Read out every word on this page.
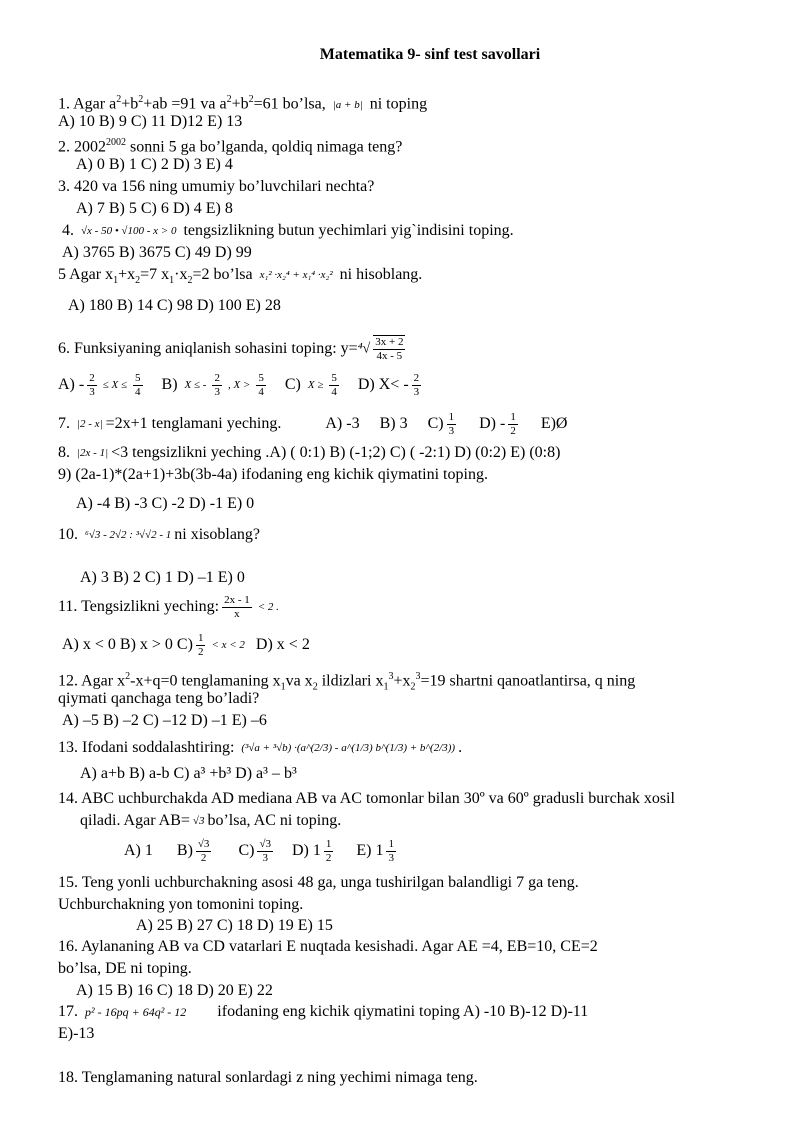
Matematika 9- sinf test savollari
1. Agar $a^2+b^2+ab =91$ va $a^2+b^2=61$ bo’lsa, |a + b| ni toping
A) 10 B) 9 C) 11 D)12 E) 13
2. $2002^{2002}$ sonni 5 ga bo’lganda, qoldiq nimaga teng?
A) 0 B) 1 C) 2 D) 3 E) 4
3. 420 va 156 ning umumiy bo’luvchilari nechta?
A) 7 B) 5 C) 6 D) 4 E) 8
4. √x - 50 • √100 - x > 0 tengsizlikning butun yechimlari yig`indisini toping.
A) 3765 B) 3675 C) 49 D) 99
5 Agar $x_1+x_2=7$ $x_1\cdot x_2=2$ bo’lsa x₁² ·x₂⁴ + x₁⁴ ·x₂² ni hisoblang.
A) 180 B) 14 C) 98 D) 100 E) 28
6. Funksiyaning aniqlanish sohasini toping: $y=^4√ \frac{3x + 2}{4x - 5}$
$A) - \frac{2}{3} \le X \le \frac{5}{4} B$) X ≤ - $\frac{2}{3}$ , $X > \frac{5}{4} C$) $X \ge \frac{5}{4} D$) $X< - \frac{2}{3}$
7. |2 - x| =2x+1 tenglamani yeching.	A) -3 B) 3 $C) \frac{1}{3} D) - \frac{1}{2}$ E)Ø
8. |2x - 1| <3 tengsizlikni yeching .A) ( 0:1) B) (-1;2) C) ( -2:1) D) (0:2) E) (0:8)
9) (2a-1)*(2a+1)+3b(3b-4a) ifodaning eng kichik qiymatini toping.
A) -4 B) -3 C) -2 D) -1 E) 0
10. ⁶√3 - 2√2 : ³√√2 - 1 ni xisoblang?
A) 3 B) 2 C) 1 D) –1 E) 0
11. Tengsizlikni yeching: $\frac{2x - 1}{x} < 2$ .
A) x < 0 B) x > 0 $C) \frac{1}{2} < x < 2$ D) x < 2
12. Agar $x^2-x+q=0$ tenglamaning $x_1va$ $x_2$ ildizlari $x_1^3+x_2^3=19$ shartni qanoatlantirsa, q ning
qiymati qanchaga teng bo’ladi?
A) –5 B) –2 C) –12 D) –1 E) –6
13. Ifodani soddalashtiring: (³√a + ³√b) ·(a^(2/3) - a^(1/3) b^(1/3) + b^(2/3)) .
A) a+b B) a-b C) a³ +b³ D) a³ – b³
14. ABC uchburchakda AD mediana AB va AC tomonlar bilan 30º va 60º gradusli burchak xosil
qiladi. Agar AB= √3 bo’lsa, AC ni toping.
A) 1 $B) \frac{√3}{2} C) \frac{√3}{3} D$) $1 \frac{1}{2} E$) $1 \frac{1}{3}$
15. Teng yonli uchburchakning asosi 48 ga, unga tushirilgan balandligi 7 ga teng.
Uchburchakning yon tomonini toping.
A) 25 B) 27 C) 18 D) 19 E) 15
16. Aylananing AB va CD vatarlari E nuqtada kesishadi. Agar AE =4, EB=10, CE=2
bo’lsa, DE ni toping.
A) 15 B) 16 C) 18 D) 20 E) 22
17. p² - 16pq + 64q² - 12 ifodaning eng kichik qiymatini toping A) -10 B)-12 D)-11
E)-13
18. Tenglamaning natural sonlardagi z ning yechimi nimaga teng.
